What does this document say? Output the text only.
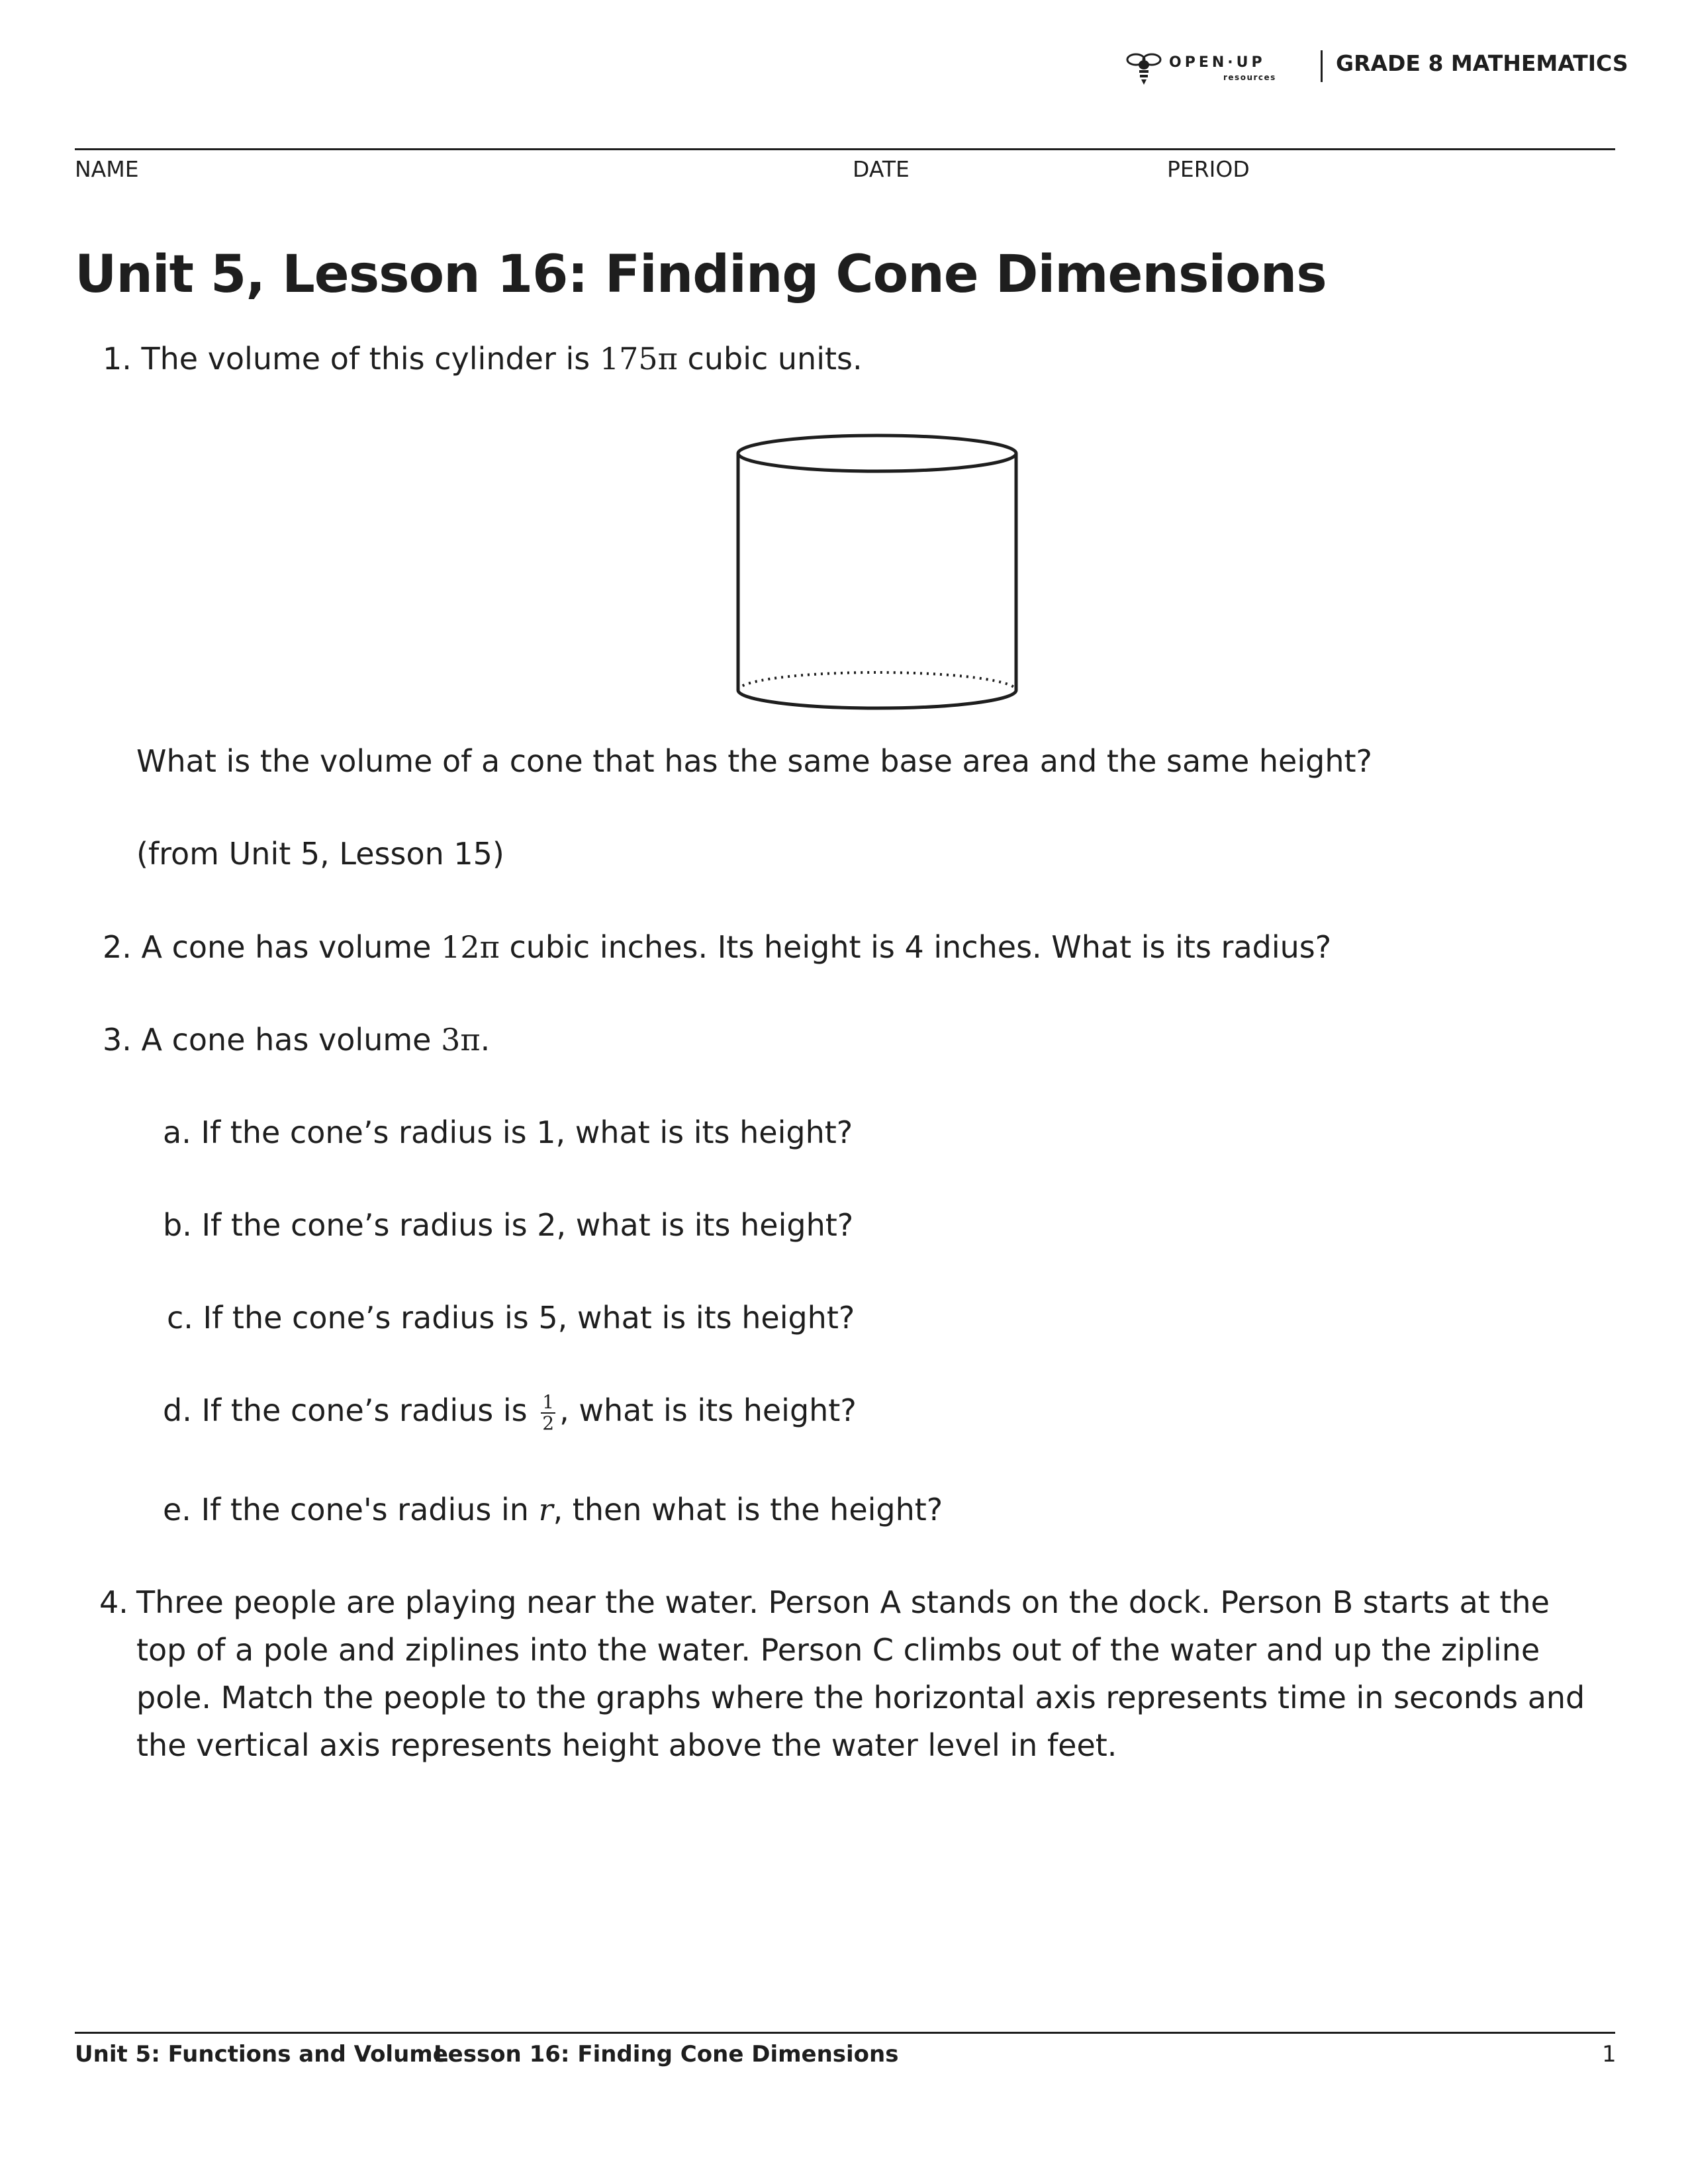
OPEN·UP
resources
GRADE 8 MATHEMATICS
NAME	DATE	PERIOD
Unit 5, Lesson 16: Finding Cone Dimensions
1. The volume of this cylinder is 175π cubic units.
What is the volume of a cone that has the same base area and the same height?
(from Unit 5, Lesson 15)
2. A cone has volume 12π cubic inches. Its height is 4 inches. What is its radius?
3. A cone has volume 3π.
a. If the cone’s radius is 1, what is its height?
b. If the cone’s radius is 2, what is its height?
c. If the cone’s radius is 5, what is its height?
d. If the cone’s radius is $\frac{1}{2}$ , what is its height?
e. If the cone's radius in r, then what is the height?
4. Three people are playing near the water. Person A stands on the dock. Person B starts at the top of a pole and ziplines into the water. Person C climbs out of the water and up the zipline pole. Match the people to the graphs where the horizontal axis represents time in seconds and the vertical axis represents height above the water level in feet.
Unit 5: Functions and Volume
Lesson 16: Finding Cone Dimensions	1
